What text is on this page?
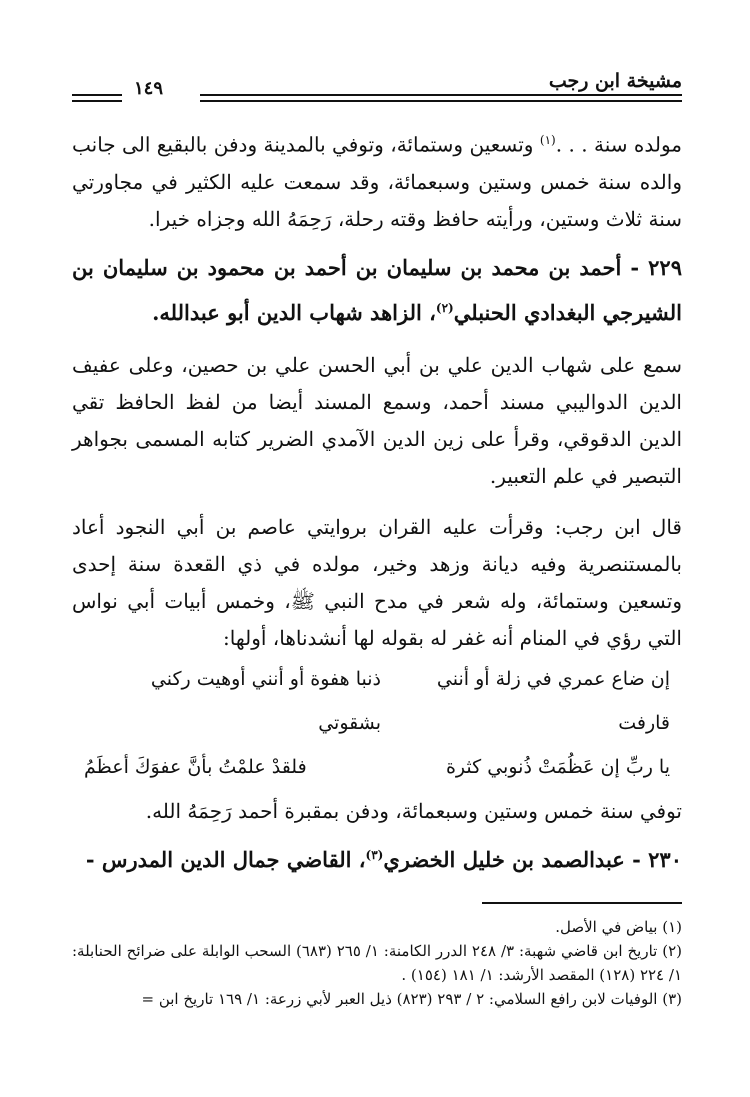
مشيخة ابن رجب
١٤٩

مولده سنة . . .$^{(١)}$ وتسعين وستمائة، وتوفي بالمدينة ودفن بالبقيع الى جانب والده سنة خمس وستين وسبعمائة، وقد سمعت عليه الكثير في مجاورتي سنة ثلاث وستين، ورأيته حافظ وقته رحلة، رَحِمَهُ الله وجزاه خيرا.

٢٢٩ - أحمد بن محمد بن سليمان بن أحمد بن محمود بن سليمان بن الشيرجي البغدادي الحنبلي$^{(٢)}$، الزاهد شهاب الدين أبو عبدالله.

سمع على شهاب الدين علي بن أبي الحسن علي بن حصين، وعلى عفيف الدين الدواليبي مسند أحمد، وسمع المسند أيضا من لفظ الحافظ تقي الدين الدقوقي، وقرأ على زين الدين الآمدي الضرير كتابه المسمى بجواهر التبصير في علم التعبير.

قال ابن رجب: وقرأت عليه القران بروايتي عاصم بن أبي النجود أعاد بالمستنصرية وفيه ديانة وزهد وخير، مولده في ذي القعدة سنة إحدى وتسعين وستمائة، وله شعر في مدح النبي ﷺ، وخمس أبيات أبي نواس التي رؤي في المنام أنه غفر له بقوله لها أنشدناها، أولها:

إن ضاع عمري في زلة أو أنني قارفت
ذنبا هفوة أو أنني أوهيت ركني بشقوتي
يا ربِّ إن عَظُمَتْ ذُنوبي كثرة
فلقدْ علمْتُ بأنَّ عفوَكَ أعظَمُ

توفي سنة خمس وستين وسبعمائة، ودفن بمقبرة أحمد رَحِمَهُ الله.

٢٣٠ - عبدالصمد بن خليل الخضري$^{(٣)}$، القاضي جمال الدين المدرس -

(١) بياض في الأصل.

(٢) تاريخ ابن قاضي شهبة: ٣/ ٢٤٨ الدرر الكامنة: ١/ ٢٦٥ (٦٨٣) السحب الوابلة على ضرائح الحنابلة: ١/ ٢٢٤ (١٢٨) المقصد الأرشد: ١/ ١٨١ (١٥٤) .

(٣) الوفيات لابن رافع السلامي: ٢ / ٢٩٣ (٨٢٣) ذيل العبر لأبي زرعة: ١/ ١٦٩ تاريخ ابن =
